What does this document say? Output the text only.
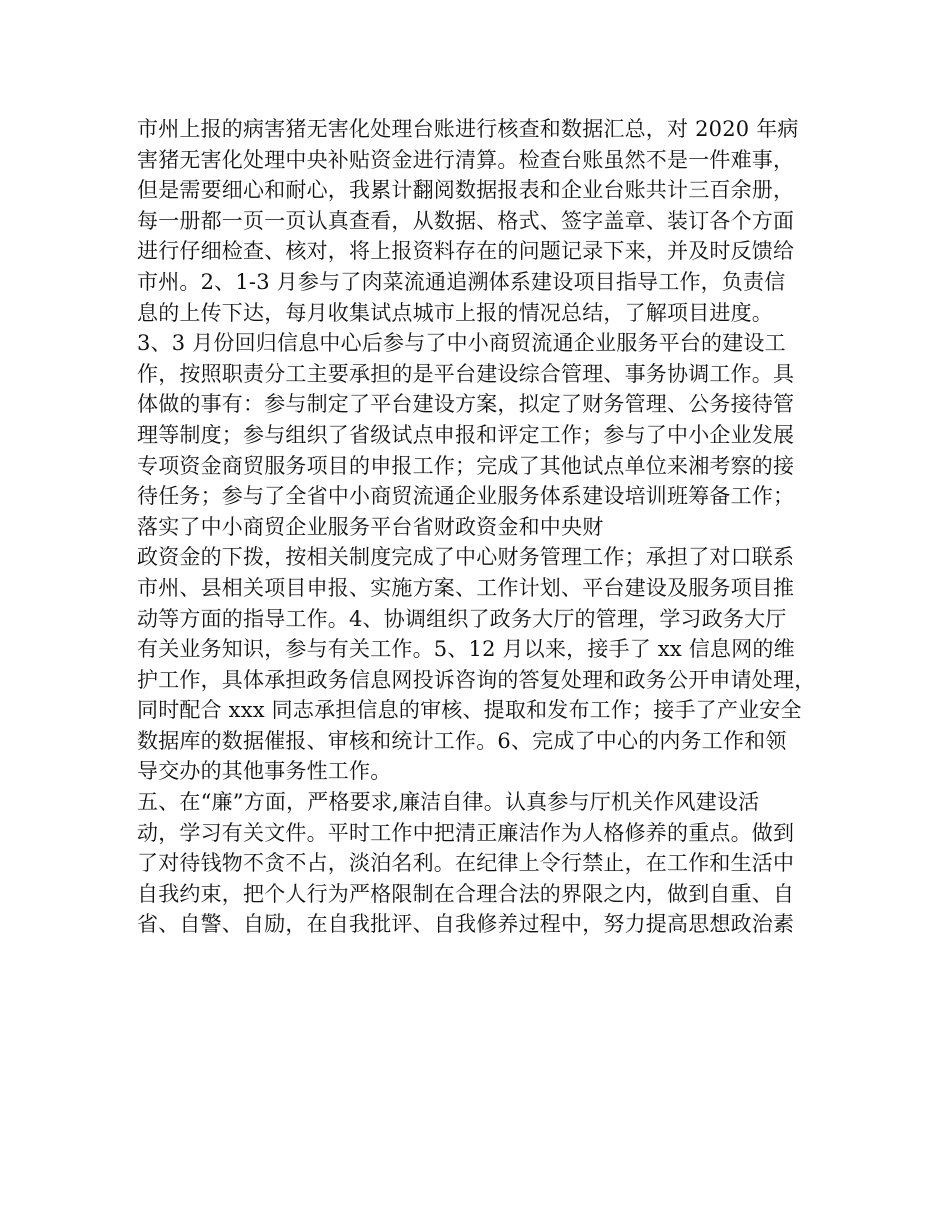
市州上报的病害猪无害化处理台账进行核查和数据汇总，对 2020 年病
害猪无害化处理中央补贴资金进行清算。检查台账虽然不是一件难事，
但是需要细心和耐心，我累计翻阅数据报表和企业台账共计三百余册，
每一册都一页一页认真查看，从数据、格式、签字盖章、装订各个方面
进行仔细检查、核对，将上报资料存在的问题记录下来，并及时反馈给
市州。2、1-3 月参与了肉菜流通追溯体系建设项目指导工作，负责信
息的上传下达，每月收集试点城市上报的情况总结，了解项目进度。
3、3 月份回归信息中心后参与了中小商贸流通企业服务平台的建设工
作，按照职责分工主要承担的是平台建设综合管理、事务协调工作。具
体做的事有：参与制定了平台建设方案，拟定了财务管理、公务接待管
理等制度；参与组织了省级试点申报和评定工作；参与了中小企业发展
专项资金商贸服务项目的申报工作；完成了其他试点单位来湘考察的接
待任务；参与了全省中小商贸流通企业服务体系建设培训班筹备工作；
落实了中小商贸企业服务平台省财政资金和中央财
政资金的下拨，按相关制度完成了中心财务管理工作；承担了对口联系
市州、县相关项目申报、实施方案、工作计划、平台建设及服务项目推
动等方面的指导工作。4、协调组织了政务大厅的管理，学习政务大厅
有关业务知识，参与有关工作。5、12 月以来，接手了 xx 信息网的维
护工作，具体承担政务信息网投诉咨询的答复处理和政务公开申请处理，
同时配合 xxx 同志承担信息的审核、提取和发布工作；接手了产业安全
数据库的数据催报、审核和统计工作。6、完成了中心的内务工作和领
导交办的其他事务性工作。
五、在“廉”方面，严格要求,廉洁自律。认真参与厅机关作风建设活
动，学习有关文件。平时工作中把清正廉洁作为人格修养的重点。做到
了对待钱物不贪不占，淡泊名利。在纪律上令行禁止，在工作和生活中
自我约束，把个人行为严格限制在合理合法的界限之内，做到自重、自
省、自警、自励，在自我批评、自我修养过程中，努力提高思想政治素
